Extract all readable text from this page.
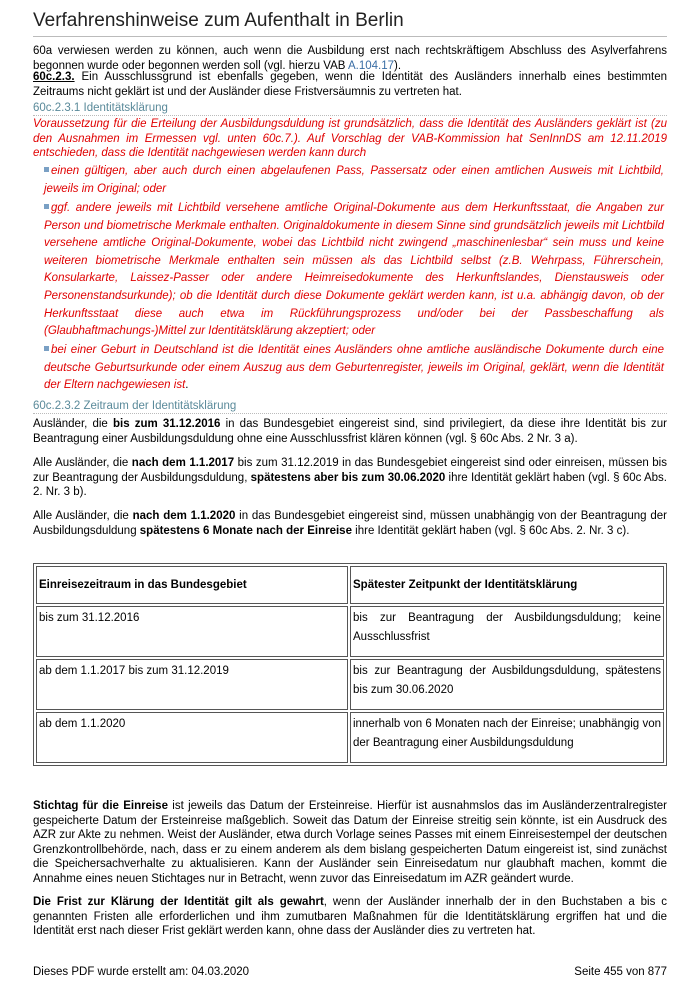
Verfahrenshinweise zum Aufenthalt in Berlin
60a verwiesen werden zu können, auch wenn die Ausbildung erst nach rechtskräftigem Abschluss des Asylverfahrens begonnen wurde oder begonnen werden soll (vgl. hierzu VAB A.104.17).
60c.2.3. Ein Ausschlussgrund ist ebenfalls gegeben, wenn die Identität des Ausländers innerhalb eines bestimmten Zeitraums nicht geklärt ist und der Ausländer diese Fristversäumnis zu vertreten hat.
60c.2.3.1 Identitätsklärung
Voraussetzung für die Erteilung der Ausbildungsduldung ist grundsätzlich, dass die Identität des Ausländers geklärt ist (zu den Ausnahmen im Ermessen vgl. unten 60c.7.). Auf Vorschlag der VAB-Kommission hat SenInnDS am 12.11.2019 entschieden, dass die Identität nachgewiesen werden kann durch
einen gültigen, aber auch durch einen abgelaufenen Pass, Passersatz oder einen amtlichen Ausweis mit Lichtbild, jeweils im Original; oder
ggf. andere jeweils mit Lichtbild versehene amtliche Original-Dokumente aus dem Herkunftsstaat, die Angaben zur Person und biometrische Merkmale enthalten. Originaldokumente in diesem Sinne sind grundsätzlich jeweils mit Lichtbild versehene amtliche Original-Dokumente, wobei das Lichtbild nicht zwingend „maschinenlesbar“ sein muss und keine weiteren biometrische Merkmale enthalten sein müssen als das Lichtbild selbst (z.B. Wehrpass, Führerschein, Konsularkarte, Laissez-Passer oder andere Heimreisedokumente des Herkunftslandes, Dienstausweis oder Personenstandsurkunde); ob die Identität durch diese Dokumente geklärt werden kann, ist u.a. abhängig davon, ob der Herkunftsstaat diese auch etwa im Rückführungsprozess und/oder bei der Passbeschaffung als (Glaubhaftmachungs-)Mittel zur Identitätsklärung akzeptiert; oder
bei einer Geburt in Deutschland ist die Identität eines Ausländers ohne amtliche ausländische Dokumente durch eine deutsche Geburtsurkunde oder einem Auszug aus dem Geburtenregister, jeweils im Original, geklärt, wenn die Identität der Eltern nachgewiesen ist.
60c.2.3.2 Zeitraum der Identitätsklärung
Ausländer, die bis zum 31.12.2016 in das Bundesgebiet eingereist sind, sind privilegiert, da diese ihre Identität bis zur Beantragung einer Ausbildungsduldung ohne eine Ausschlussfrist klären können (vgl. § 60c Abs. 2 Nr. 3 a).
Alle Ausländer, die nach dem 1.1.2017 bis zum 31.12.2019 in das Bundesgebiet eingereist sind oder einreisen, müssen bis zur Beantragung der Ausbildungsduldung, spätestens aber bis zum 30.06.2020 ihre Identität geklärt haben (vgl. § 60c Abs. 2. Nr. 3 b).
Alle Ausländer, die nach dem 1.1.2020 in das Bundesgebiet eingereist sind, müssen unabhängig von der Beantragung der Ausbildungsduldung spätestens 6 Monate nach der Einreise ihre Identität geklärt haben (vgl. § 60c Abs. 2. Nr. 3 c).
Einreisezeitraum in das Bundesgebiet	Spätester Zeitpunkt der Identitätsklärung
bis zum 31.12.2016	bis zur Beantragung der Ausbildungsduldung; keine Ausschlussfrist
ab dem 1.1.2017 bis zum 31.12.2019	bis zur Beantragung der Ausbildungsduldung, spätestens bis zum 30.06.2020
ab dem 1.1.2020	innerhalb von 6 Monaten nach der Einreise; unabhängig von der Beantragung einer Ausbildungsduldung
Stichtag für die Einreise ist jeweils das Datum der Ersteinreise. Hierfür ist ausnahmslos das im Ausländerzentralregister gespeicherte Datum der Ersteinreise maßgeblich. Soweit das Datum der Einreise streitig sein könnte, ist ein Ausdruck des AZR zur Akte zu nehmen. Weist der Ausländer, etwa durch Vorlage seines Passes mit einem Einreisestempel der deutschen Grenzkontrollbehörde, nach, dass er zu einem anderem als dem bislang gespeicherten Datum eingereist ist, sind zunächst die Speichersachverhalte zu aktualisieren. Kann der Ausländer sein Einreisedatum nur glaubhaft machen, kommt die Annahme eines neuen Stichtages nur in Betracht, wenn zuvor das Einreisedatum im AZR geändert wurde.
Die Frist zur Klärung der Identität gilt als gewahrt, wenn der Ausländer innerhalb der in den Buchstaben a bis c genannten Fristen alle erforderlichen und ihm zumutbaren Maßnahmen für die Identitätsklärung ergriffen hat und die Identität erst nach dieser Frist geklärt werden kann, ohne dass der Ausländer dies zu vertreten hat.
Dieses PDF wurde erstellt am: 04.03.2020	Seite 455 von 877
